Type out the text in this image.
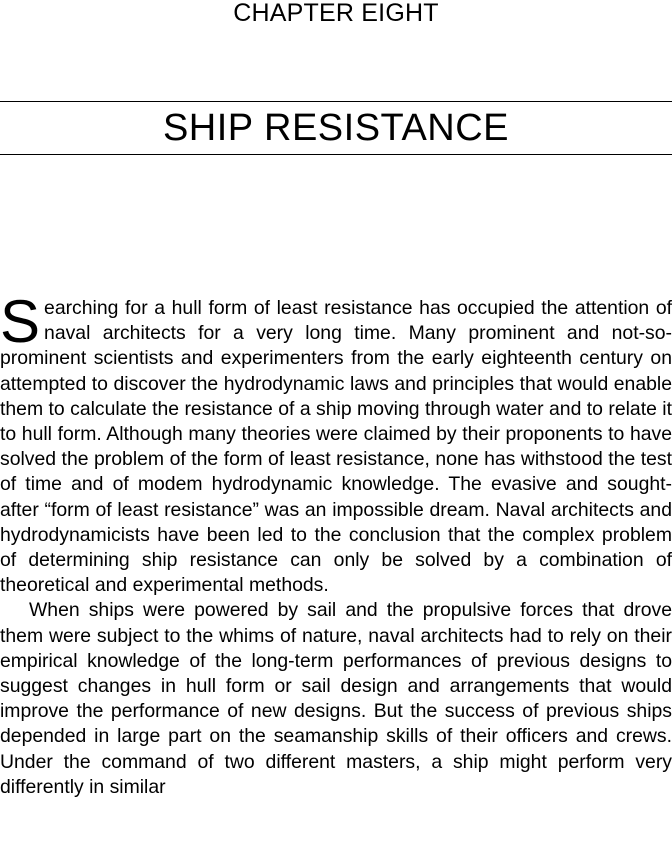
CHAPTER EIGHT
SHIP RESISTANCE

Searching for a hull form of least resistance has occupied the attention of naval architects for a very long time. Many prominent and not-so-prominent scientists and experimenters from the early eighteenth century on attempted to discover the hydrodynamic laws and principles that would enable them to calculate the resistance of a ship moving through water and to relate it to hull form. Although many theories were claimed by their proponents to have solved the problem of the form of least resistance, none has withstood the test of time and of modem hydrodynamic knowledge. The evasive and sought-after “form of least resistance” was an impossible dream. Naval architects and hydrodynamicists have been led to the conclusion that the complex problem of determining ship resistance can only be solved by a combination of theoretical and experimental methods.

When ships were powered by sail and the propulsive forces that drove them were subject to the whims of nature, naval architects had to rely on their empirical knowledge of the long-term performances of previous designs to suggest changes in hull form or sail design and arrangements that would improve the performance of new designs. But the success of previous ships depended in large part on the seamanship skills of their officers and crews. Under the command of two different masters, a ship might perform very differently in similar
